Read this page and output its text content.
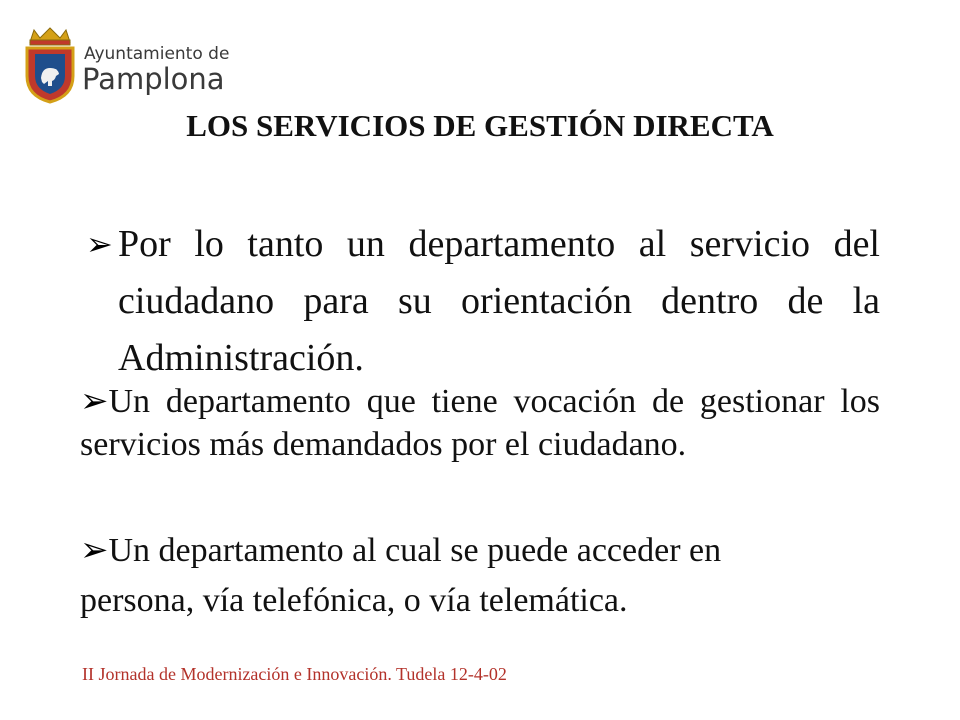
Ayuntamiento de
Pamplona
LOS SERVICIOS DE GESTIÓN DIRECTA
➢ Por lo tanto un departamento al servicio del ciudadano para su orientación dentro de la Administración.
➢Un departamento que tiene vocación de gestionar los servicios más demandados por el ciudadano.
➢Un departamento al cual se puede acceder en
persona, vía telefónica, o vía telemática.
II Jornada de Modernización e Innovación. Tudela 12-4-02
